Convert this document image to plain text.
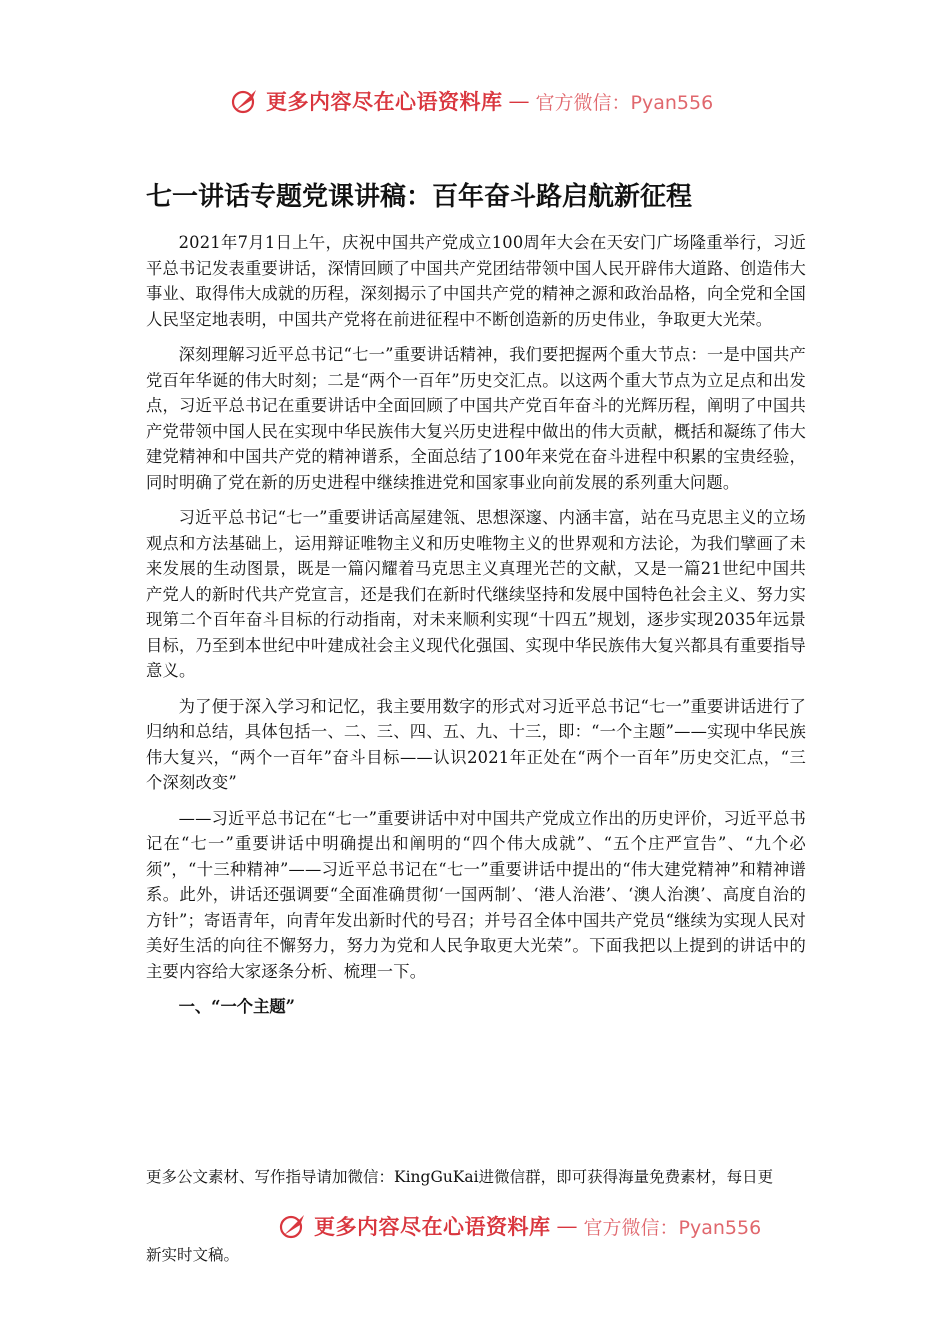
更多内容尽在心语资料库 — 官方微信：Pyan556
七一讲话专题党课讲稿：百年奋斗路启航新征程

2021年7月1日上午，庆祝中国共产党成立100周年大会在天安门广场隆重举行，习近平总书记发表重要讲话，深情回顾了中国共产党团结带领中国人民开辟伟大道路、创造伟大事业、取得伟大成就的历程，深刻揭示了中国共产党的精神之源和政治品格，向全党和全国人民坚定地表明，中国共产党将在前进征程中不断创造新的历史伟业，争取更大光荣。

深刻理解习近平总书记“七一”重要讲话精神，我们要把握两个重大节点：一是中国共产党百年华诞的伟大时刻；二是“两个一百年”历史交汇点。以这两个重大节点为立足点和出发点，习近平总书记在重要讲话中全面回顾了中国共产党百年奋斗的光辉历程，阐明了中国共产党带领中国人民在实现中华民族伟大复兴历史进程中做出的伟大贡献，概括和凝练了伟大建党精神和中国共产党的精神谱系，全面总结了100年来党在奋斗进程中积累的宝贵经验，同时明确了党在新的历史进程中继续推进党和国家事业向前发展的系列重大问题。

习近平总书记“七一”重要讲话高屋建瓴、思想深邃、内涵丰富，站在马克思主义的立场观点和方法基础上，运用辩证唯物主义和历史唯物主义的世界观和方法论，为我们擘画了未来发展的生动图景，既是一篇闪耀着马克思主义真理光芒的文献，又是一篇21世纪中国共产党人的新时代共产党宣言，还是我们在新时代继续坚持和发展中国特色社会主义、努力实现第二个百年奋斗目标的行动指南，对未来顺利实现“十四五”规划，逐步实现2035年远景目标，乃至到本世纪中叶建成社会主义现代化强国、实现中华民族伟大复兴都具有重要指导意义。

为了便于深入学习和记忆，我主要用数字的形式对习近平总书记“七一”重要讲话进行了归纳和总结，具体包括一、二、三、四、五、九、十三，即：“一个主题”——实现中华民族伟大复兴，“两个一百年”奋斗目标——认识2021年正处在“两个一百年”历史交汇点，“三个深刻改变”

——习近平总书记在“七一”重要讲话中对中国共产党成立作出的历史评价，习近平总书记在“七一”重要讲话中明确提出和阐明的“四个伟大成就”、“五个庄严宣告”、“九个必须”，“十三种精神”——习近平总书记在“七一”重要讲话中提出的“伟大建党精神”和精神谱系。此外，讲话还强调要“全面准确贯彻‘一国两制’、‘港人治港’、‘澳人治澳’、高度自治的方针”；寄语青年，向青年发出新时代的号召；并号召全体中国共产党员“继续为实现人民对美好生活的向往不懈努力，努力为党和人民争取更大光荣”。下面我把以上提到的讲话中的主要内容给大家逐条分析、梳理一下。

一、“一个主题”

更多公文素材、写作指导请加微信：KingGuKai进微信群，即可获得海量免费素材，每日更

更多内容尽在心语资料库 — 官方微信：Pyan556

新实时文稿。
